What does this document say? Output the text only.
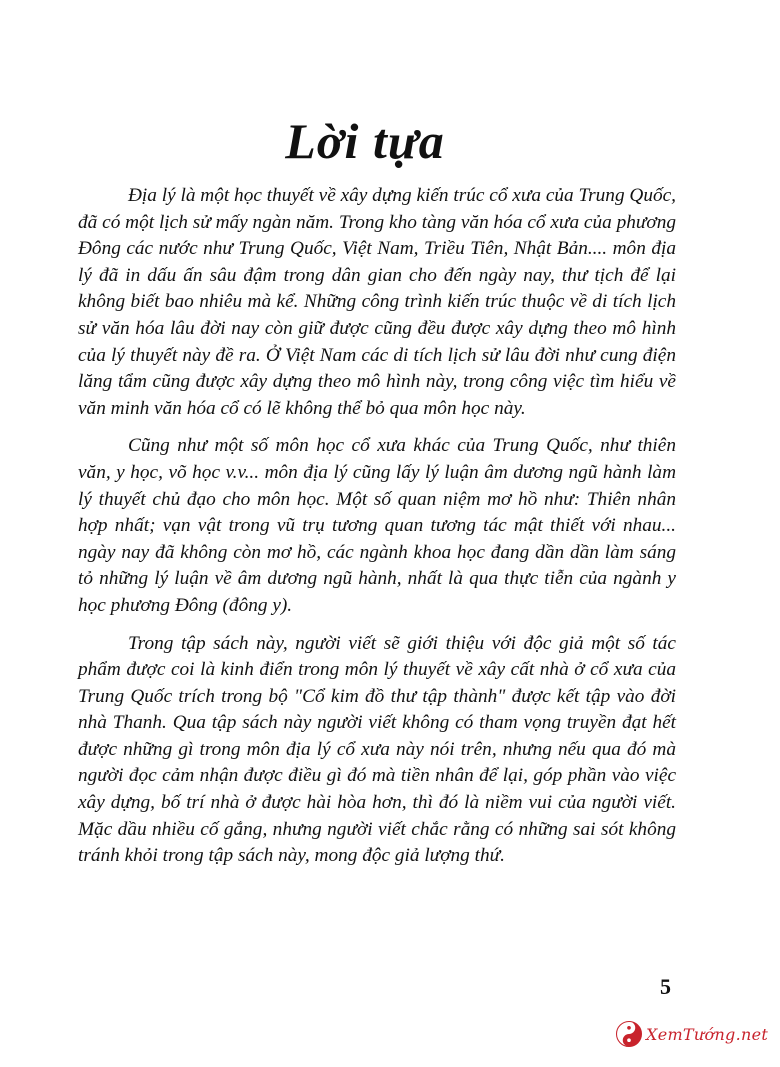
Lời tựa

Địa lý là một học thuyết về xây dựng kiến trúc cổ xưa của Trung Quốc, đã có một lịch sử mấy ngàn năm. Trong kho tàng văn hóa cổ xưa của phương Đông các nước như Trung Quốc, Việt Nam, Triều Tiên, Nhật Bản.... môn địa lý đã in dấu ấn sâu đậm trong dân gian cho đến ngày nay, thư tịch để lại không biết bao nhiêu mà kể. Những công trình kiến trúc thuộc về di tích lịch sử văn hóa lâu đời nay còn giữ được cũng đều được xây dựng theo mô hình của lý thuyết này đề ra. Ở Việt Nam các di tích lịch sử lâu đời như cung điện lăng tẩm cũng được xây dựng theo mô hình này, trong công việc tìm hiểu về văn minh văn hóa cổ có lẽ không thể bỏ qua môn học này.

Cũng như một số môn học cổ xưa khác của Trung Quốc, như thiên văn, y học, võ học v.v... môn địa lý cũng lấy lý luận âm dương ngũ hành làm lý thuyết chủ đạo cho môn học. Một số quan niệm mơ hồ như: Thiên nhân hợp nhất; vạn vật trong vũ trụ tương quan tương tác mật thiết với nhau... ngày nay đã không còn mơ hồ, các ngành khoa học đang dần dần làm sáng tỏ những lý luận về âm dương ngũ hành, nhất là qua thực tiễn của ngành y học phương Đông (đông y).

Trong tập sách này, người viết sẽ giới thiệu với độc giả một số tác phẩm được coi là kinh điển trong môn lý thuyết về xây cất nhà ở cổ xưa của Trung Quốc trích trong bộ "Cổ kim đồ thư tập thành" được kết tập vào đời nhà Thanh. Qua tập sách này người viết không có tham vọng truyền đạt hết được những gì trong môn địa lý cổ xưa này nói trên, nhưng nếu qua đó mà người đọc cảm nhận được điều gì đó mà tiền nhân để lại, góp phần vào việc xây dựng, bố trí nhà ở được hài hòa hơn, thì đó là niềm vui của người viết. Mặc dầu nhiều cố gắng, nhưng người viết chắc rằng có những sai sót không tránh khỏi trong tập sách này, mong độc giả lượng thứ.

5
XemTướng.net
